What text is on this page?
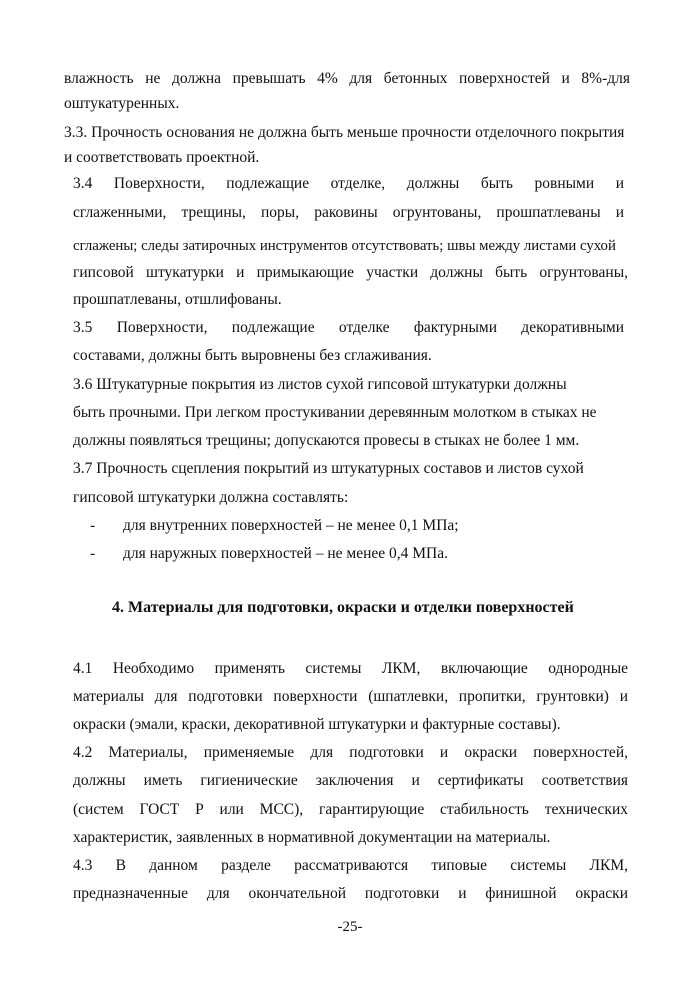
влажность не должна превышать 4% для бетонных поверхностей и 8%-для
оштукатуренных.
3.3. Прочность основания не должна быть меньше прочности отделочного покрытия
и соответствовать проектной.
3.4 Поверхности, подлежащие отделке, должны быть ровными и
сглаженными, трещины, поры, раковины огрунтованы, прошпатлеваны и
сглажены; следы затирочных инструментов отсутствовать; швы между листами сухой
гипсовой штукатурки и примыкающие участки должны быть огрунтованы,
прошпатлеваны, отшлифованы.
3.5 Поверхности, подлежащие отделке фактурными декоративными
составами, должны быть выровнены без сглаживания.
3.6 Штукатурные покрытия из листов сухой гипсовой штукатурки должны
быть прочными. При легком простукивании деревянным молотком в стыках не
должны появляться трещины; допускаются провесы в стыках не более 1 мм.
3.7 Прочность сцепления покрытий из штукатурных составов и листов сухой
гипсовой штукатурки должна составлять:
- для внутренних поверхностей – не менее 0,1 МПа;
- для наружных поверхностей – не менее 0,4 МПа.
4. Материалы для подготовки, окраски и отделки поверхностей
4.1 Необходимо применять системы ЛКМ, включающие однородные
материалы для подготовки поверхности (шпатлевки, пропитки, грунтовки) и
окраски (эмали, краски, декоративной штукатурки и фактурные составы).
4.2 Материалы, применяемые для подготовки и окраски поверхностей,
должны иметь гигиенические заключения и сертификаты соответствия
(систем ГОСТ Р или МСС), гарантирующие стабильность технических
характеристик, заявленных в нормативной документации на материалы.
4.3 В данном разделе рассматриваются типовые системы ЛКМ,
предназначенные для окончательной подготовки и финишной окраски
-25-
